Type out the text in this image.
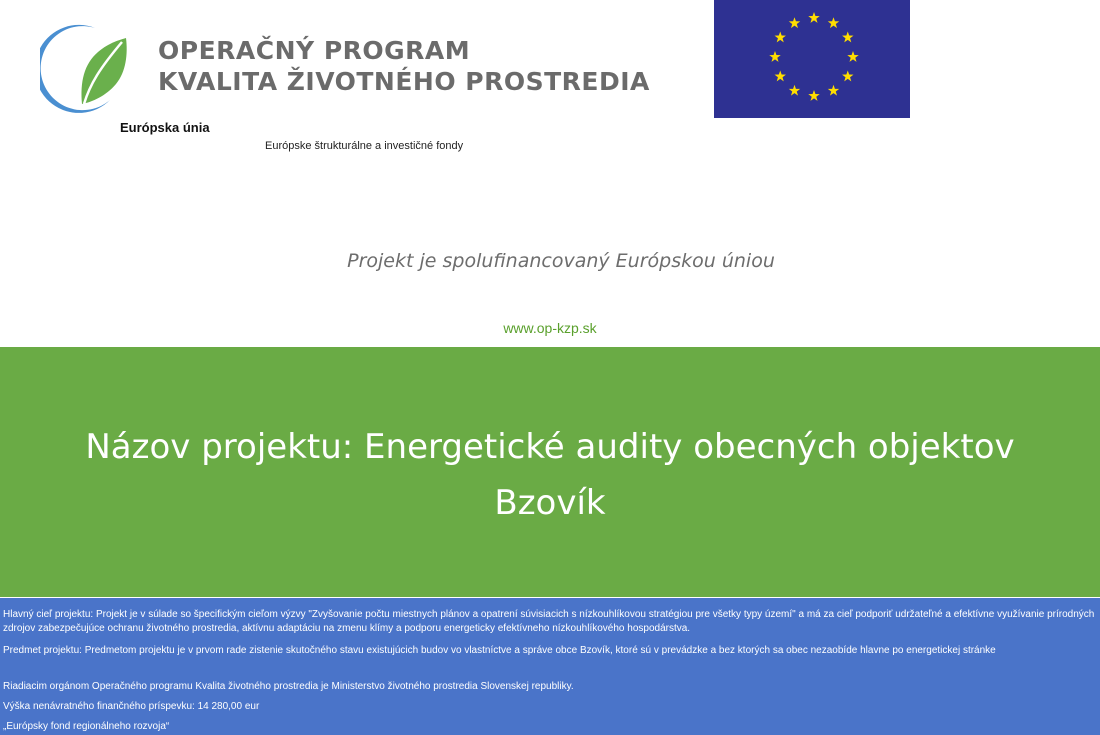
OPERAČNÝ PROGRAM
KVALITA ŽIVOTNÉHO PROSTREDIA
Európska únia
Európske štrukturálne a investičné fondy
Projekt je spolufinancovaný Európskou úniou
www.op-kzp.sk
Názov projektu: Energetické audity obecných objektov
Bzovík

Hlavný cieľ projektu: Projekt je v súlade so špecifickým cieľom výzvy "Zvyšovanie počtu miestnych plánov a opatrení súvisiacich s nízkouhlíkovou stratégiou pre všetky typy území" a má za cieľ podporiť udržateľné a efektívne využívanie prírodných zdrojov zabezpečujúce ochranu životného prostredia, aktívnu adaptáciu na zmenu klímy a podporu energeticky efektívneho nízkouhlíkového hospodárstva.

Predmet projektu: Predmetom projektu je v prvom rade zistenie skutočného stavu existujúcich budov vo vlastníctve a správe obce Bzovík, ktoré sú v prevádzke a bez ktorých sa obec nezaobíde hlavne po energetickej stránke

Riadiacim orgánom Operačného programu Kvalita životného prostredia je Ministerstvo životného prostredia Slovenskej republiky.

Výška nenávratného finančného príspevku: 14 280,00 eur

„Európsky fond regionálneho rozvoja“
